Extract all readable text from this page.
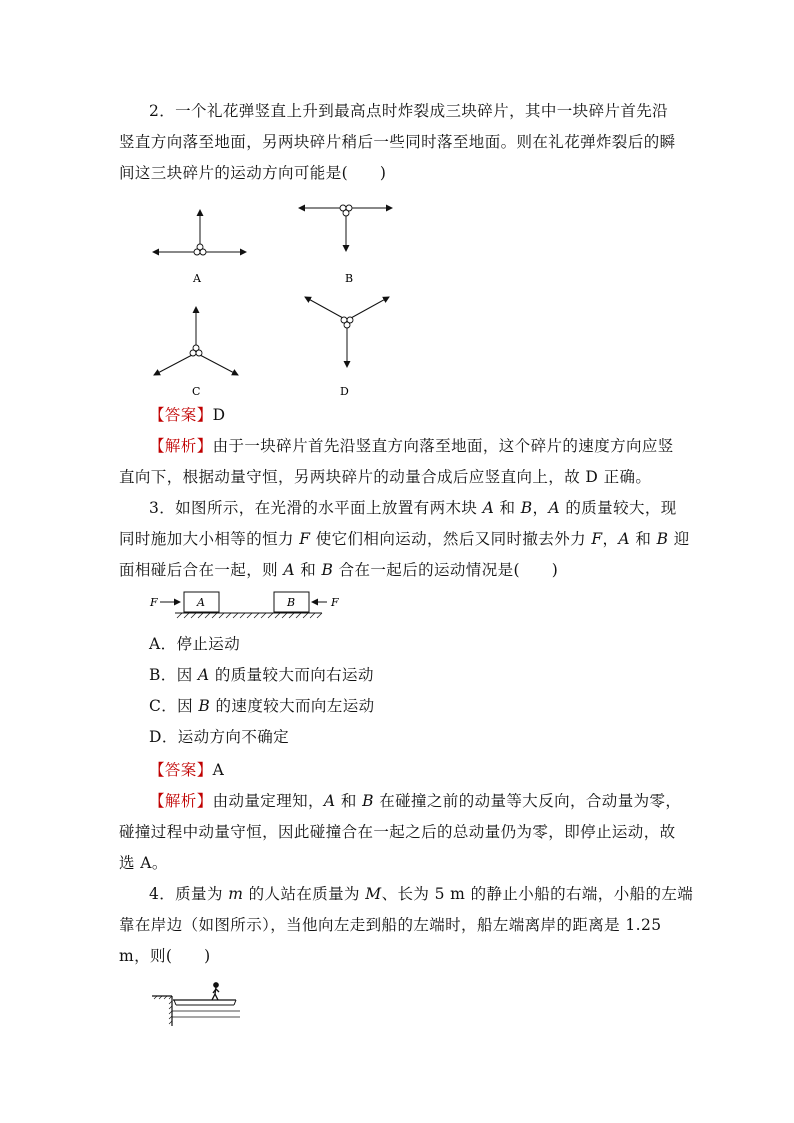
2．一个礼花弹竖直上升到最高点时炸裂成三块碎片，其中一块碎片首先沿
竖直方向落至地面，另两块碎片稍后一些同时落至地面。则在礼花弹炸裂后的瞬
间这三块碎片的运动方向可能是(　　)
A	B
C	D
【答案】D
【解析】由于一块碎片首先沿竖直方向落至地面，这个碎片的速度方向应竖
直向下，根据动量守恒，另两块碎片的动量合成后应竖直向上，故 D 正确。
3．如图所示，在光滑的水平面上放置有两木块 A 和 B，A 的质量较大，现
同时施加大小相等的恒力 F 使它们相向运动，然后又同时撤去外力 F，A 和 B 迎
面相碰后合在一起，则 A 和 B 合在一起后的运动情况是(　　)
F	A	B	F
A．停止运动
B．因 A 的质量较大而向右运动
C．因 B 的速度较大而向左运动
D．运动方向不确定
【答案】A
【解析】由动量定理知，A 和 B 在碰撞之前的动量等大反向，合动量为零，
碰撞过程中动量守恒，因此碰撞合在一起之后的总动量仍为零，即停止运动，故
选 A。
4．质量为 m 的人站在质量为 M、长为 5 m 的静止小船的右端，小船的左端
靠在岸边（如图所示），当他向左走到船的左端时，船左端离岸的距离是 1.25
m，则(　　)
